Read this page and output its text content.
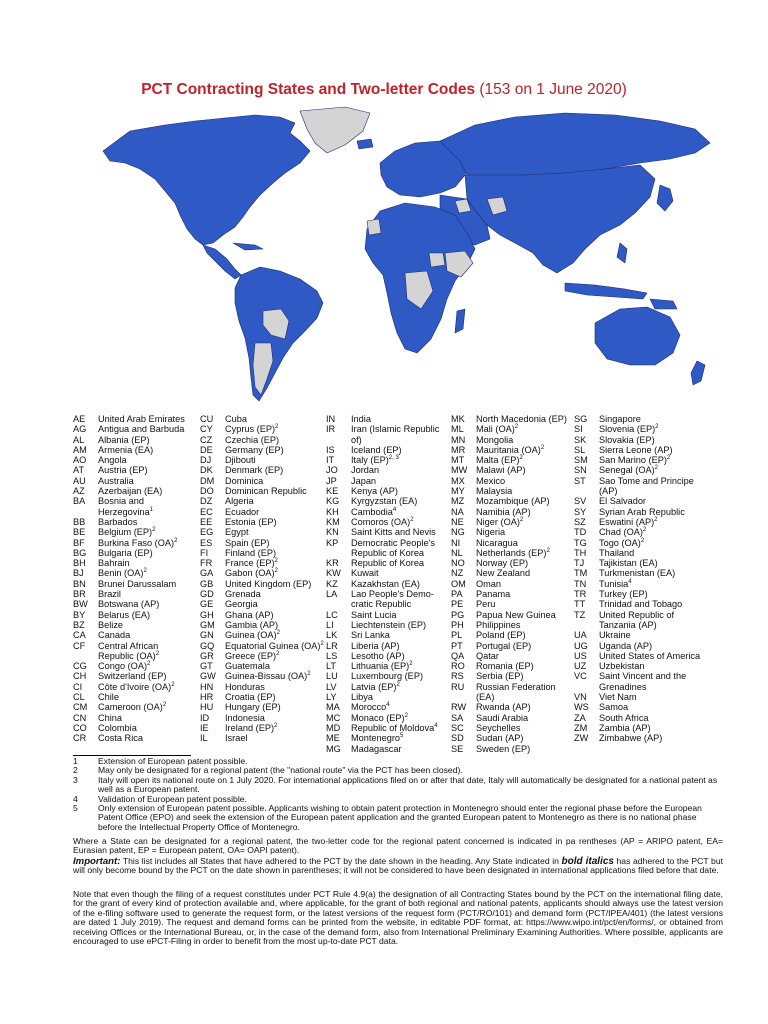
PCT Contracting States and Two-letter Codes (153 on 1 June 2020)
AE	United Arab Emirates
AG	Antigua and Barbuda
AL	Albania (EP)
AM	Armenia (EA)
AO	Angola
AT	Austria (EP)
AU	Australia
AZ	Azerbaijan (EA)
BA	Bosnia and Herzegovina$^1$
BB	Barbados
BE	Belgium (EP)$^2$
BF	Burkina Faso (OA)$^2$
BG	Bulgaria (EP)
BH	Bahrain
BJ	Benin (OA)$^2$
BN	Brunei Darussalam
BR	Brazil
BW	Botswana (AP)
BY	Belarus (EA)
BZ	Belize
CA	Canada
CF	Central African Republic (OA)$^2$
CG	Congo (OA)$^2$
CH	Switzerland (EP)
CI	Côte d'Ivoire (OA)$^2$
CL	Chile
CM	Cameroon (OA)$^2$
CN	China
CO	Colombia
CR	Costa Rica
CU	Cuba
CY	Cyprus (EP)$^2$
CZ	Czechia (EP)
DE	Germany (EP)
DJ	Djibouti
DK	Denmark (EP)
DM	Dominica
DO	Dominican Republic
DZ	Algeria
EC	Ecuador
EE	Estonia (EP)
EG	Egypt
ES	Spain (EP)
FI	Finland (EP)
FR	France (EP)$^2$
GA	Gabon (OA)$^2$
GB	United Kingdom (EP)
GD	Grenada
GE	Georgia
GH	Ghana (AP)
GM	Gambia (AP)
GN	Guinea (OA)$^2$
GQ	Equatorial Guinea (OA)$^2$
GR	Greece (EP)$^2$
GT	Guatemala
GW Guinea-Bissau (OA)$^2$
HN	Honduras
HR	Croatia (EP)
HU	Hungary (EP)
ID	Indonesia
IE	Ireland (EP)$^2$
IL	Israel
IN	India
IR	Iran (Islamic Republic of)
IS	Iceland (EP)
IT	Italy (EP)$^{2, 3}$
JO	Jordan
JP	Japan
KE	Kenya (AP)
KG	Kyrgyzstan (EA)
KH	Cambodia$^4$
KM	Comoros (OA)$^2$
KN	Saint Kitts and Nevis
KP	Democratic People's Republic of Korea
KR	Republic of Korea
KW	Kuwait
KZ	Kazakhstan (EA)
LA	Lao People's Demo-cratic Republic
LC	Saint Lucia
LI	Liechtenstein (EP)
LK	Sri Lanka
LR	Liberia (AP)
LS	Lesotho (AP)
LT	Lithuania (EP)$^2$
LU	Luxembourg (EP)
LV	Latvia (EP)$^2$
LY	Libya
MA	Morocco$^4$
MC	Monaco (EP)$^2$
MD	Republic of Moldova$^4$
ME	Montenegro$^5$
MG	Madagascar
MK	North Macedonia (EP)
ML	Mali (OA)$^2$
MN	Mongolia
MR	Mauritania (OA)$^2$
MT	Malta (EP)$^2$
MW Malawi (AP)
MX	Mexico
MY	Malaysia
MZ	Mozambique (AP)
NA	Namibia (AP)
NE	Niger (OA)$^2$
NG	Nigeria
NI	Nicaragua
NL	Netherlands (EP)$^2$
NO	Norway (EP)
NZ	New Zealand
OM	Oman
PA	Panama
PE	Peru
PG	Papua New Guinea
PH	Philippines
PL	Poland (EP)
PT	Portugal (EP)
QA	Qatar
RO	Romania (EP)
RS	Serbia (EP)
RU	Russian Federation (EA)
RW	Rwanda (AP)
SA	Saudi Arabia
SC	Seychelles
SD	Sudan (AP)
SE	Sweden (EP)
SG	Singapore
SI	Slovenia (EP)$^2$
SK	Slovakia (EP)
SL	Sierra Leone (AP)
SM	San Marino (EP)$^2$
SN	Senegal (OA)$^2$
ST	Sao Tome and Principe (AP)
SV	El Salvador
SY	Syrian Arab Republic
SZ	Eswatini (AP)$^2$
TD	Chad (OA)$^2$
TG	Togo (OA)$^2$
TH	Thailand
TJ	Tajikistan (EA)
TM	Turkmenistan (EA)
TN	Tunisia$^4$
TR	Turkey (EP)
TT	Trinidad and Tobago
TZ	United Republic of Tanzania (AP)
UA	Ukraine
UG	Uganda (AP)
US	United States of America
UZ	Uzbekistan
VC	Saint Vincent and the Grenadines
VN	Viet Nam
WS	Samoa
ZA	South Africa
ZM	Zambia (AP)
ZW	Zimbabwe (AP)
1	Extension of European patent possible.
2	May only be designated for a regional patent (the "national route" via the PCT has been closed).
3	Italy will open its national route on 1 July 2020. For international applications filed on or after that date, Italy will automatically be designated for a national patent as well as a European patent.
4	Validation of European patent possible.
5	Only extension of European patent possible. Applicants wishing to obtain patent protection in Montenegro should enter the regional phase before the European Patent Office (EPO) and seek the extension of the European patent application and the granted European patent to Montenegro as there is no national phase before the Intellectual Property Office of Montenegro.
Where a State can be designated for a regional patent, the two-letter code for the regional patent concerned is indicated in pa rentheses (AP = ARIPO patent, EA= Eurasian patent, EP = European patent, OA= OAPI patent).
Important: This list includes all States that have adhered to the PCT by the date shown in the heading. Any State indicated in bold italics has adhered to the PCT but will only become bound by the PCT on the date shown in parentheses; it will not be considered to have been designated in international applications filed before that date.
Note that even though the filing of a request constitutes under PCT Rule 4.9(a) the designation of all Contracting States bound by the PCT on the international filing date, for the grant of every kind of protection available and, where applicable, for the grant of both regional and national patents, applicants should always use the latest version of the e-filing software used to generate the request form, or the latest versions of the request form (PCT/RO/101) and demand form (PCT/IPEA/401) (the latest versions are dated 1 July 2019). The request and demand forms can be printed from the website, in editable PDF format, at: https://www.wipo.int/pct/en/forms/, or obtained from receiving Offices or the International Bureau, or, in the case of the demand form, also from International Preliminary Examining Authorities. Where possible, applicants are encouraged to use ePCT-Filing in order to benefit from the most up-to-date PCT data.
